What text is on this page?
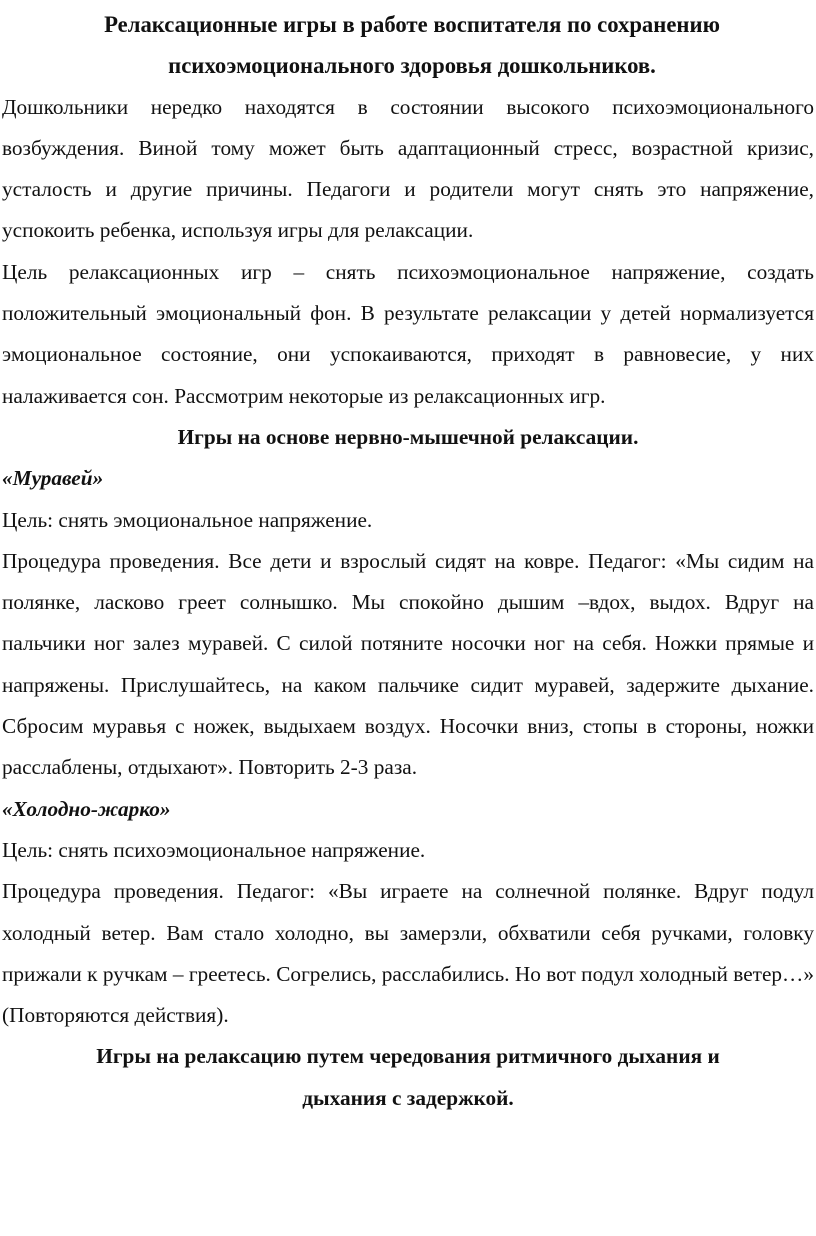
Релаксационные игры в работе воспитателя по сохранению
психоэмоционального здоровья дошкольников.

Дошкольники нередко находятся в состоянии высокого психоэмоционального возбуждения. Виной тому может быть адаптационный стресс, возрастной кризис, усталость и другие причины. Педагоги и родители могут снять это напряжение, успокоить ребенка, используя игры для релаксации.

Цель релаксационных игр – снять психоэмоциональное напряжение, создать положительный эмоциональный фон. В результате релаксации у детей нормализуется эмоциональное состояние, они успокаиваются, приходят в равновесие, у них налаживается сон. Рассмотрим некоторые из релаксационных игр.

Игры на основе нервно-мышечной релаксации.

«Муравей»

Цель: снять эмоциональное напряжение.

Процедура проведения. Все дети и взрослый сидят на ковре. Педагог: «Мы сидим на полянке, ласково греет солнышко. Мы спокойно дышим –вдох, выдох. Вдруг на пальчики ног залез муравей. С силой потяните носочки ног на себя. Ножки прямые и напряжены. Прислушайтесь, на каком пальчике сидит муравей, задержите дыхание. Сбросим муравья с ножек, выдыхаем воздух. Носочки вниз, стопы в стороны, ножки расслаблены, отдыхают». Повторить 2-3 раза.

«Холодно-жарко»

Цель: снять психоэмоциональное напряжение.

Процедура проведения. Педагог: «Вы играете на солнечной полянке. Вдруг подул холодный ветер. Вам стало холодно, вы замерзли, обхватили себя ручками, головку прижали к ручкам – греетесь. Согрелись, расслабились. Но вот подул холодный ветер…» (Повторяются действия).

Игры на релаксацию путем чередования ритмичного дыхания и
дыхания с задержкой.
